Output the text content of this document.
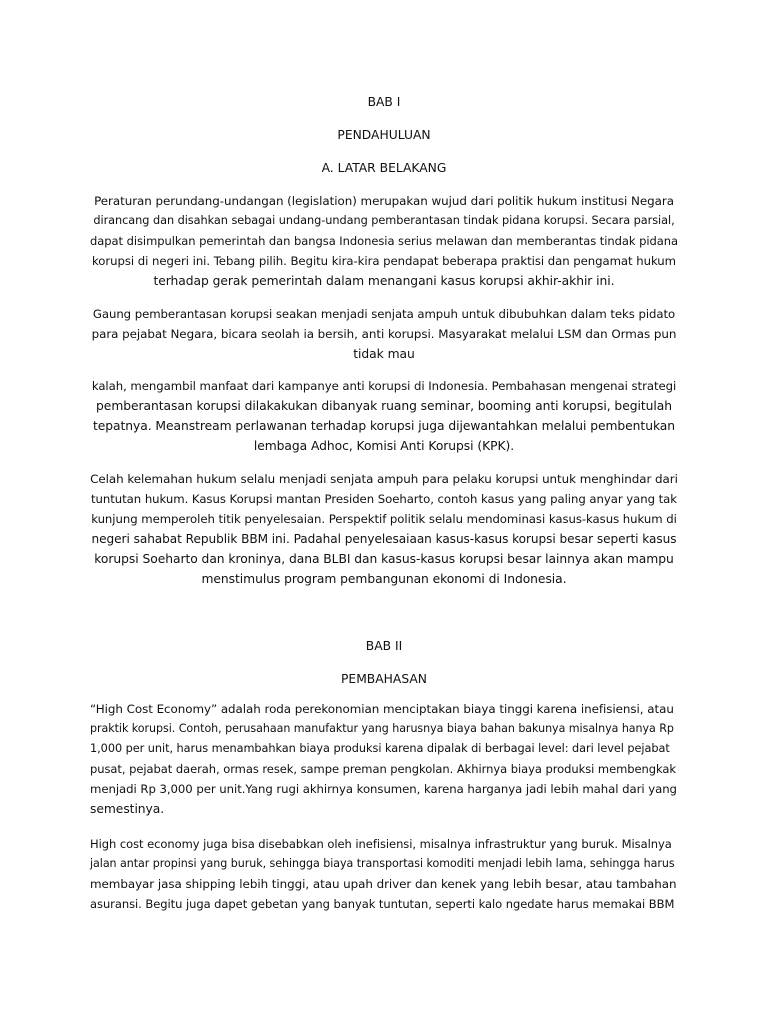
BAB I

PENDAHULUAN

A. LATAR BELAKANG

Peraturan perundang-undangan (legislation) merupakan wujud dari politik hukum institusi Negara
dirancang dan disahkan sebagai undang-undang pemberantasan tindak pidana korupsi. Secara parsial,
dapat disimpulkan pemerintah dan bangsa Indonesia serius melawan dan memberantas tindak pidana
korupsi di negeri ini. Tebang pilih. Begitu kira-kira pendapat beberapa praktisi dan pengamat hukum
terhadap gerak pemerintah dalam menangani kasus korupsi akhir-akhir ini.

Gaung pemberantasan korupsi seakan menjadi senjata ampuh untuk dibubuhkan dalam teks pidato
para pejabat Negara, bicara seolah ia bersih, anti korupsi. Masyarakat melalui LSM dan Ormas pun
tidak mau

kalah, mengambil manfaat dari kampanye anti korupsi di Indonesia. Pembahasan mengenai strategi
pemberantasan korupsi dilakakukan dibanyak ruang seminar, booming anti korupsi, begitulah
tepatnya. Meanstream perlawanan terhadap korupsi juga dijewantahkan melalui pembentukan
lembaga Adhoc, Komisi Anti Korupsi (KPK).

Celah kelemahan hukum selalu menjadi senjata ampuh para pelaku korupsi untuk menghindar dari
tuntutan hukum. Kasus Korupsi mantan Presiden Soeharto, contoh kasus yang paling anyar yang tak
kunjung memperoleh titik penyelesaian. Perspektif politik selalu mendominasi kasus-kasus hukum di
negeri sahabat Republik BBM ini. Padahal penyelesaiaan kasus-kasus korupsi besar seperti kasus
korupsi Soeharto dan kroninya, dana BLBI dan kasus-kasus korupsi besar lainnya akan mampu
menstimulus program pembangunan ekonomi di Indonesia.

BAB II

PEMBAHASAN

“High Cost Economy” adalah roda perekonomian menciptakan biaya tinggi karena inefisiensi, atau
praktik korupsi. Contoh, perusahaan manufaktur yang harusnya biaya bahan bakunya misalnya hanya Rp
1,000 per unit, harus menambahkan biaya produksi karena dipalak di berbagai level: dari level pejabat
pusat, pejabat daerah, ormas resek, sampe preman pengkolan. Akhirnya biaya produksi membengkak
menjadi Rp 3,000 per unit.Yang rugi akhirnya konsumen, karena harganya jadi lebih mahal dari yang
semestinya.

High cost economy juga bisa disebabkan oleh inefisiensi, misalnya infrastruktur yang buruk. Misalnya
jalan antar propinsi yang buruk, sehingga biaya transportasi komoditi menjadi lebih lama, sehingga harus
membayar jasa shipping lebih tinggi, atau upah driver dan kenek yang lebih besar, atau tambahan
asuransi. Begitu juga dapet gebetan yang banyak tuntutan, seperti kalo ngedate harus memakai BBM
